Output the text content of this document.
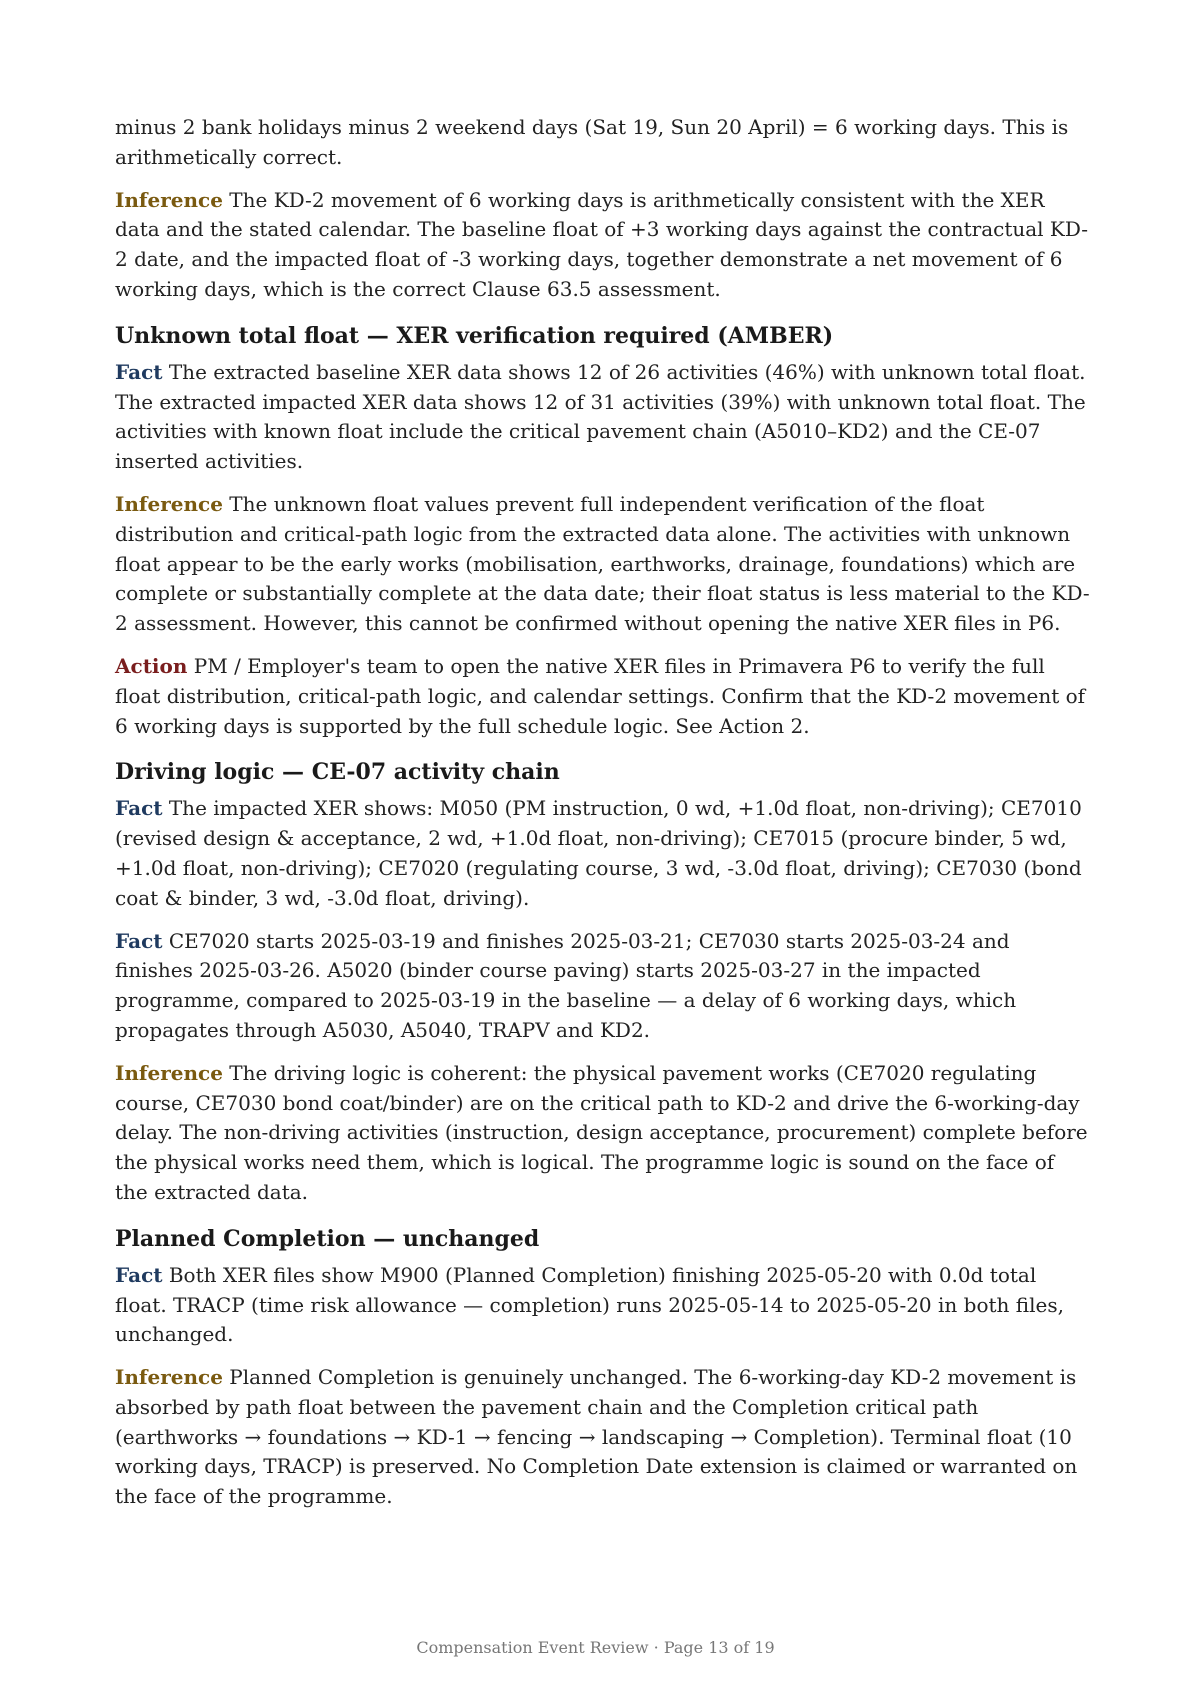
minus 2 bank holidays minus 2 weekend days (Sat 19, Sun 20 April) = 6 working days. This is arithmetically correct.

Inference The KD-2 movement of 6 working days is arithmetically consistent with the XER data and the stated calendar. The baseline float of +3 working days against the contractual KD-2 date, and the impacted float of -3 working days, together demonstrate a net movement of 6 working days, which is the correct Clause 63.5 assessment.

Unknown total float — XER verification required (AMBER)

Fact The extracted baseline XER data shows 12 of 26 activities (46%) with unknown total float. The extracted impacted XER data shows 12 of 31 activities (39%) with unknown total float. The activities with known float include the critical pavement chain (A5010–KD2) and the CE-07 inserted activities.

Inference The unknown float values prevent full independent verification of the float distribution and critical-path logic from the extracted data alone. The activities with unknown float appear to be the early works (mobilisation, earthworks, drainage, foundations) which are complete or substantially complete at the data date; their float status is less material to the KD-2 assessment. However, this cannot be confirmed without opening the native XER files in P6.

Action PM / Employer's team to open the native XER files in Primavera P6 to verify the full float distribution, critical-path logic, and calendar settings. Confirm that the KD-2 movement of 6 working days is supported by the full schedule logic. See Action 2.

Driving logic — CE-07 activity chain

Fact The impacted XER shows: M050 (PM instruction, 0 wd, +1.0d float, non-driving); CE7010 (revised design & acceptance, 2 wd, +1.0d float, non-driving); CE7015 (procure binder, 5 wd, +1.0d float, non-driving); CE7020 (regulating course, 3 wd, -3.0d float, driving); CE7030 (bond coat & binder, 3 wd, -3.0d float, driving).

Fact CE7020 starts 2025-03-19 and finishes 2025-03-21; CE7030 starts 2025-03-24 and finishes 2025-03-26. A5020 (binder course paving) starts 2025-03-27 in the impacted programme, compared to 2025-03-19 in the baseline — a delay of 6 working days, which propagates through A5030, A5040, TRAPV and KD2.

Inference The driving logic is coherent: the physical pavement works (CE7020 regulating course, CE7030 bond coat/binder) are on the critical path to KD-2 and drive the 6-working-day delay. The non-driving activities (instruction, design acceptance, procurement) complete before the physical works need them, which is logical. The programme logic is sound on the face of the extracted data.

Planned Completion — unchanged

Fact Both XER files show M900 (Planned Completion) finishing 2025-05-20 with 0.0d total float. TRACP (time risk allowance — completion) runs 2025-05-14 to 2025-05-20 in both files, unchanged.

Inference Planned Completion is genuinely unchanged. The 6-working-day KD-2 movement is absorbed by path float between the pavement chain and the Completion critical path (earthworks → foundations → KD-1 → fencing → landscaping → Completion). Terminal float (10 working days, TRACP) is preserved. No Completion Date extension is claimed or warranted on the face of the programme.

Compensation Event Review · Page 13 of 19
